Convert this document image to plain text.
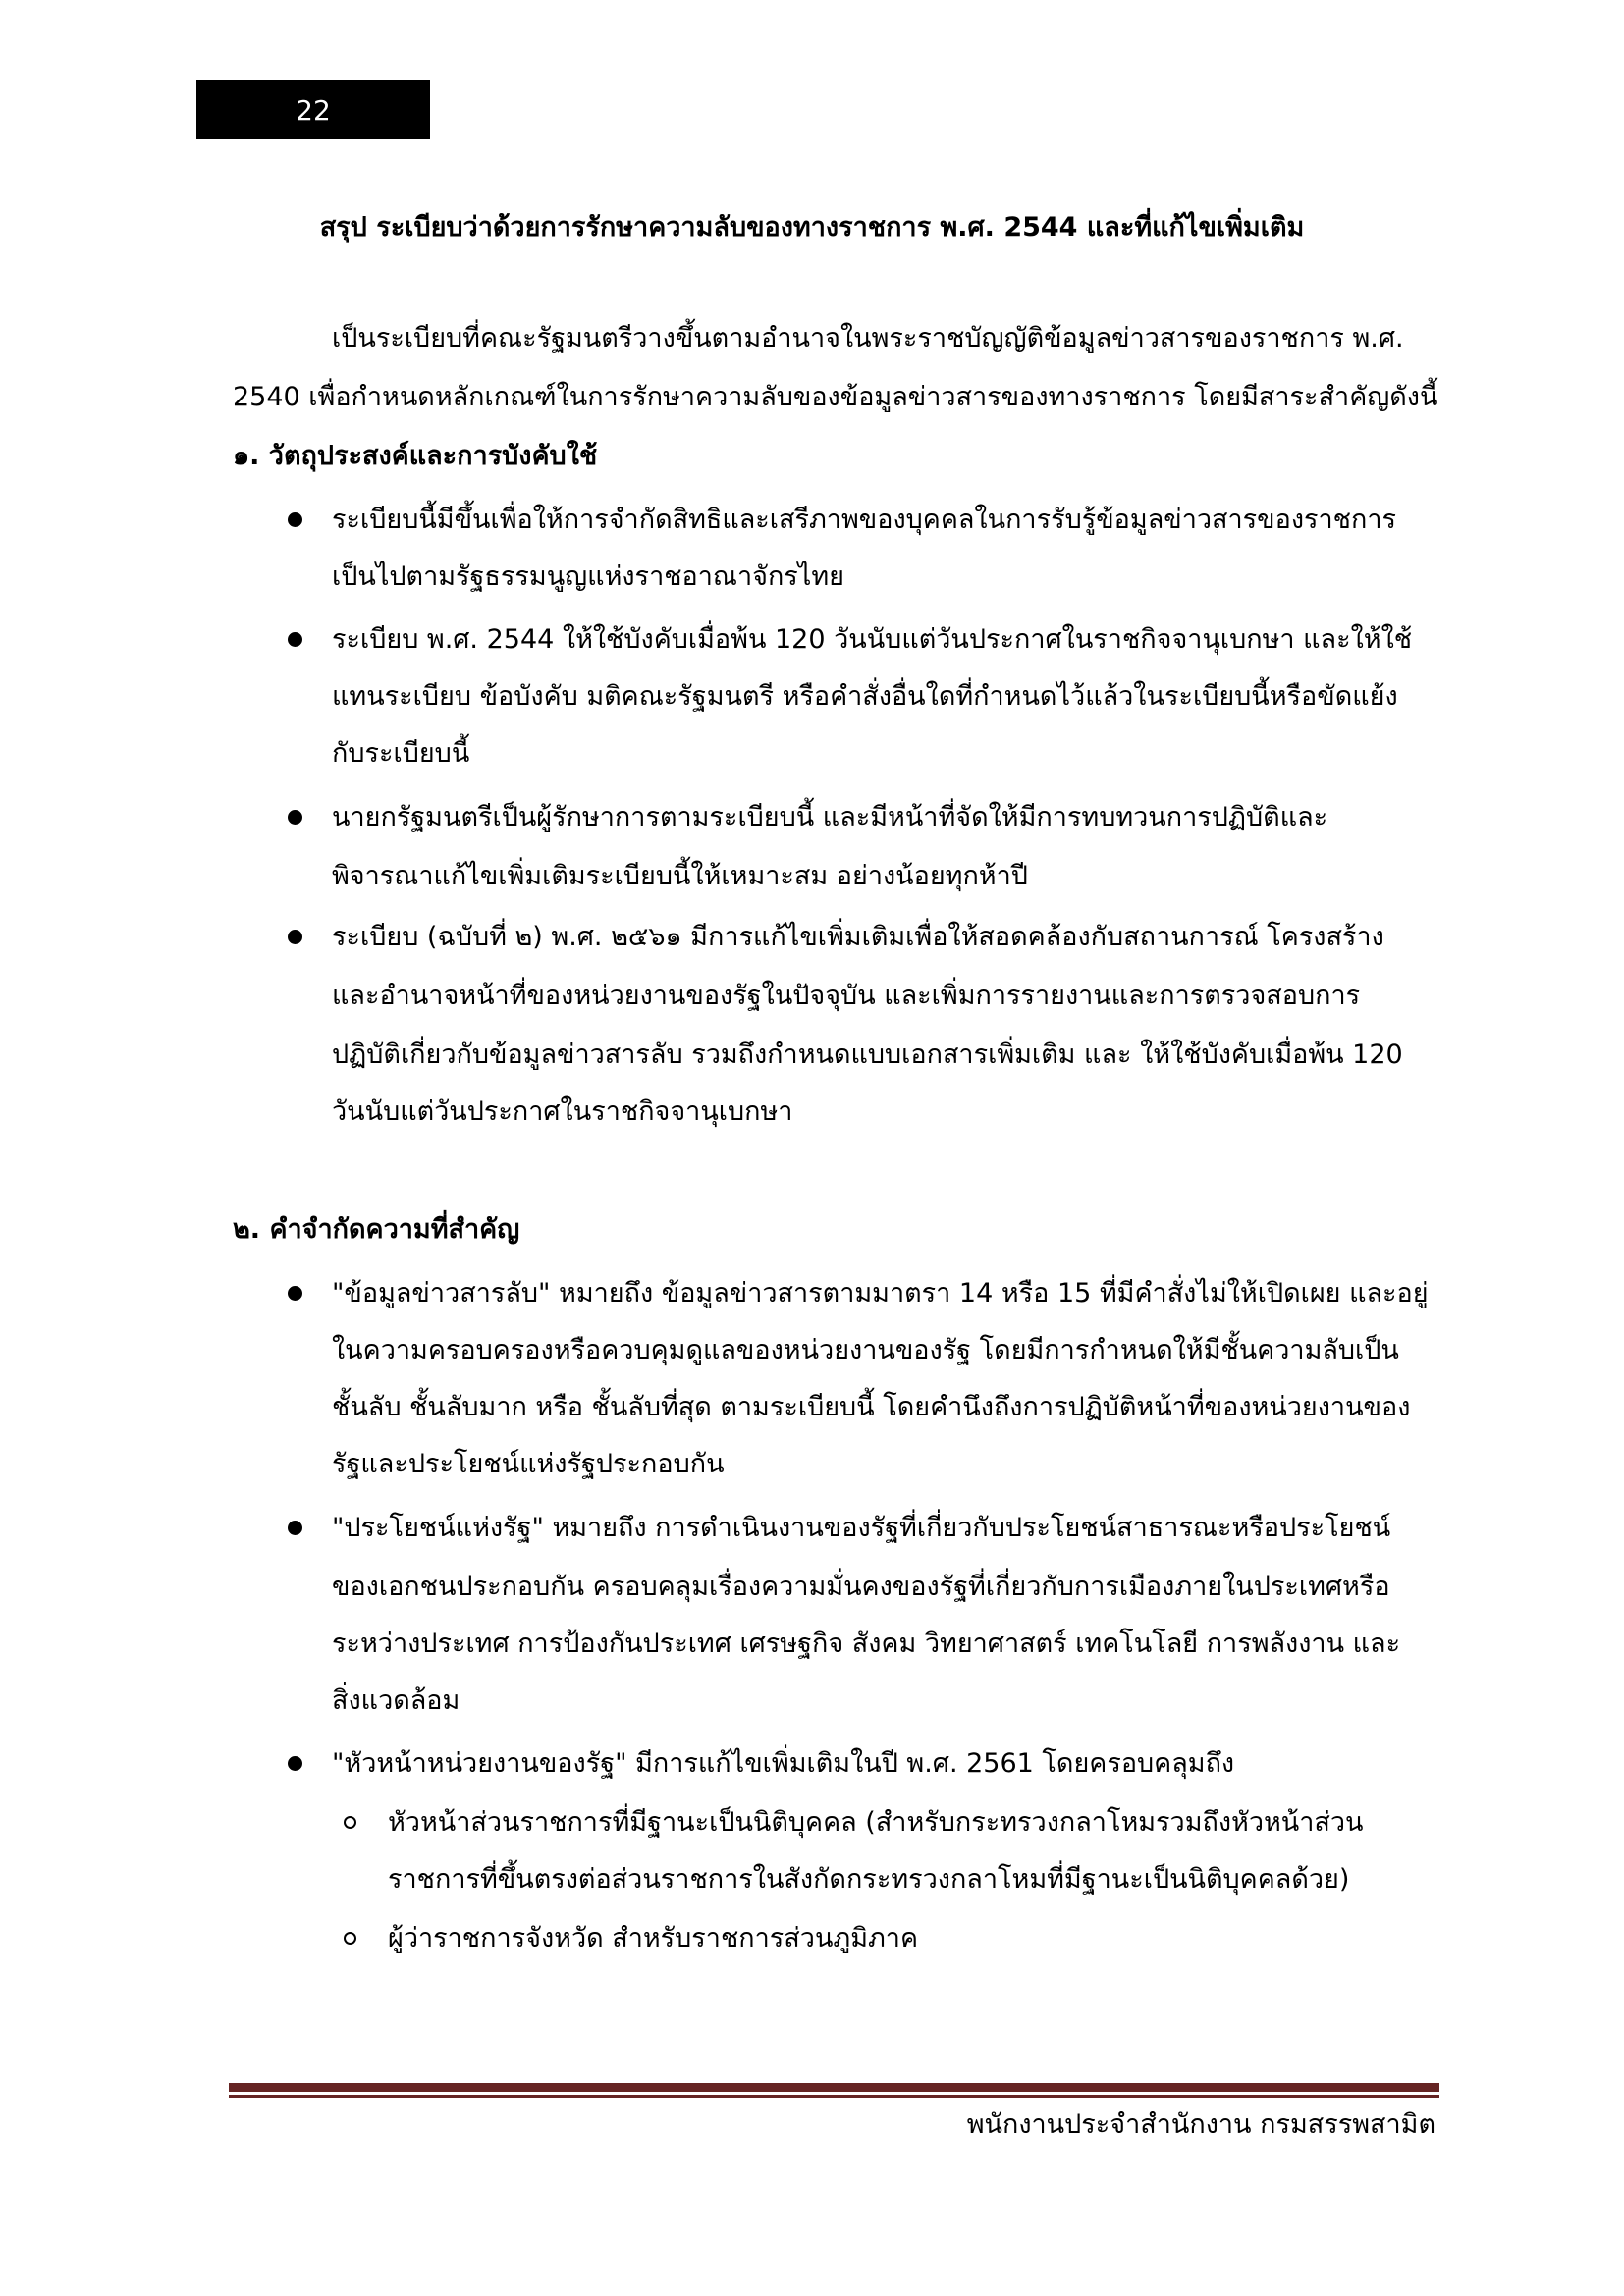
22
สรุป ระเบียบว่าด้วยการรักษาความลับของทางราชการ พ.ศ. 2544 และที่แก้ไขเพิ่มเติม
เป็นระเบียบที่คณะรัฐมนตรีวางขึ้นตามอำนาจในพระราชบัญญัติข้อมูลข่าวสารของราชการ พ.ศ.
2540 เพื่อกำหนดหลักเกณฑ์ในการรักษาความลับของข้อมูลข่าวสารของทางราชการ โดยมีสาระสำคัญดังนี้
๑. วัตถุประสงค์และการบังคับใช้
ระเบียบนี้มีขึ้นเพื่อให้การจำกัดสิทธิและเสรีภาพของบุคคลในการรับรู้ข้อมูลข่าวสารของราชการ
เป็นไปตามรัฐธรรมนูญแห่งราชอาณาจักรไทย
ระเบียบ พ.ศ. 2544 ให้ใช้บังคับเมื่อพ้น 120 วันนับแต่วันประกาศในราชกิจจานุเบกษา และให้ใช้
แทนระเบียบ ข้อบังคับ มติคณะรัฐมนตรี หรือคำสั่งอื่นใดที่กำหนดไว้แล้วในระเบียบนี้หรือขัดแย้ง
กับระเบียบนี้
นายกรัฐมนตรีเป็นผู้รักษาการตามระเบียบนี้ และมีหน้าที่จัดให้มีการทบทวนการปฏิบัติและ
พิจารณาแก้ไขเพิ่มเติมระเบียบนี้ให้เหมาะสม อย่างน้อยทุกห้าปี
ระเบียบ (ฉบับที่ ๒) พ.ศ. ๒๕๖๑ มีการแก้ไขเพิ่มเติมเพื่อให้สอดคล้องกับสถานการณ์ โครงสร้าง
และอำนาจหน้าที่ของหน่วยงานของรัฐในปัจจุบัน และเพิ่มการรายงานและการตรวจสอบการ
ปฏิบัติเกี่ยวกับข้อมูลข่าวสารลับ รวมถึงกำหนดแบบเอกสารเพิ่มเติม และ ให้ใช้บังคับเมื่อพ้น 120
วันนับแต่วันประกาศในราชกิจจานุเบกษา
๒. คำจำกัดความที่สำคัญ
"ข้อมูลข่าวสารลับ" หมายถึง ข้อมูลข่าวสารตามมาตรา 14 หรือ 15 ที่มีคำสั่งไม่ให้เปิดเผย และอยู่
ในความครอบครองหรือควบคุมดูแลของหน่วยงานของรัฐ โดยมีการกำหนดให้มีชั้นความลับเป็น
ชั้นลับ ชั้นลับมาก หรือ ชั้นลับที่สุด ตามระเบียบนี้ โดยคำนึงถึงการปฏิบัติหน้าที่ของหน่วยงานของ
รัฐและประโยชน์แห่งรัฐประกอบกัน
"ประโยชน์แห่งรัฐ" หมายถึง การดำเนินงานของรัฐที่เกี่ยวกับประโยชน์สาธารณะหรือประโยชน์
ของเอกชนประกอบกัน ครอบคลุมเรื่องความมั่นคงของรัฐที่เกี่ยวกับการเมืองภายในประเทศหรือ
ระหว่างประเทศ การป้องกันประเทศ เศรษฐกิจ สังคม วิทยาศาสตร์ เทคโนโลยี การพลังงาน และ
สิ่งแวดล้อม
"หัวหน้าหน่วยงานของรัฐ" มีการแก้ไขเพิ่มเติมในปี พ.ศ. 2561 โดยครอบคลุมถึง
หัวหน้าส่วนราชการที่มีฐานะเป็นนิติบุคคล (สำหรับกระทรวงกลาโหมรวมถึงหัวหน้าส่วน
ราชการที่ขึ้นตรงต่อส่วนราชการในสังกัดกระทรวงกลาโหมที่มีฐานะเป็นนิติบุคคลด้วย)
ผู้ว่าราชการจังหวัด สำหรับราชการส่วนภูมิภาค
พนักงานประจำสำนักงาน กรมสรรพสามิต
